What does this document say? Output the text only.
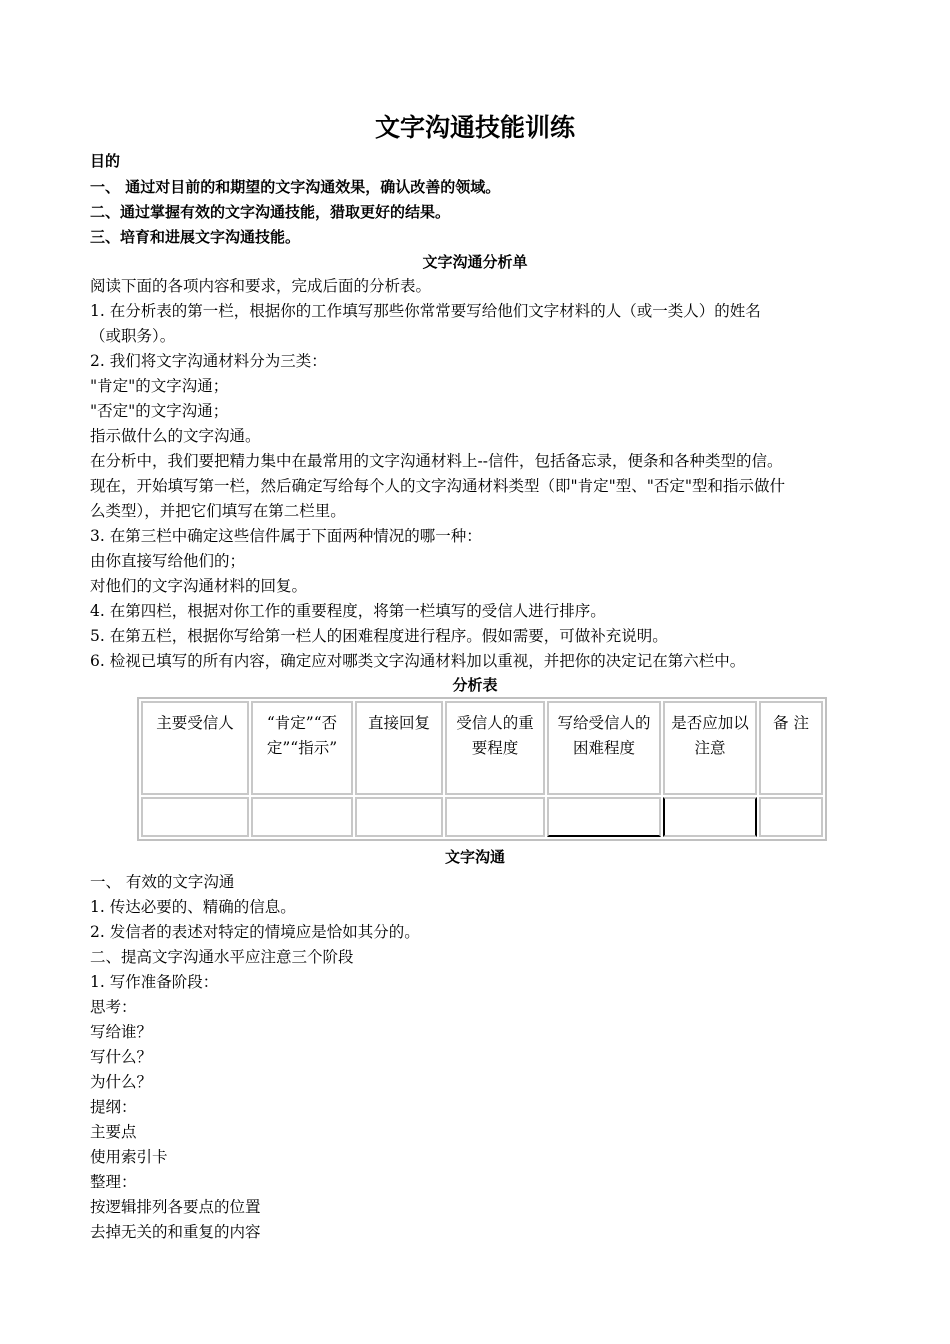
文字沟通技能训练
目的
一、 通过对目前的和期望的文字沟通效果，确认改善的领域。
二、通过掌握有效的文字沟通技能，猎取更好的结果。
三、培育和进展文字沟通技能。
文字沟通分析单
阅读下面的各项内容和要求，完成后面的分析表。
1. 在分析表的第一栏，根据你的工作填写那些你常常要写给他们文字材料的人（或一类人）的姓名
（或职务）。
2. 我们将文字沟通材料分为三类：
"肯定"的文字沟通；
"否定"的文字沟通；
指示做什么的文字沟通。
在分析中，我们要把精力集中在最常用的文字沟通材料上--信件，包括备忘录，便条和各种类型的信。
现在，开始填写第一栏，然后确定写给每个人的文字沟通材料类型（即"肯定"型、"否定"型和指示做什
么类型），并把它们填写在第二栏里。
3. 在第三栏中确定这些信件属于下面两种情况的哪一种：
由你直接写给他们的；
对他们的文字沟通材料的回复。
4. 在第四栏，根据对你工作的重要程度，将第一栏填写的受信人进行排序。
5. 在第五栏，根据你写给第一栏人的困难程度进行程序。假如需要，可做补充说明。
6. 检视已填写的所有内容，确定应对哪类文字沟通材料加以重视，并把你的决定记在第六栏中。
分析表
主要受信人	“肯定”“否定”“指示”	直接回复	受信人的重要程度	写给受信人的困难程度	是否应加以注意	备 注

文字沟通
一、 有效的文字沟通
1. 传达必要的、精确的信息。
2. 发信者的表述对特定的情境应是恰如其分的。
二、提高文字沟通水平应注意三个阶段
1. 写作准备阶段：
思考：
写给谁？
写什么？
为什么？
提纲：
主要点
使用索引卡
整理：
按逻辑排列各要点的位置
去掉无关的和重复的内容
